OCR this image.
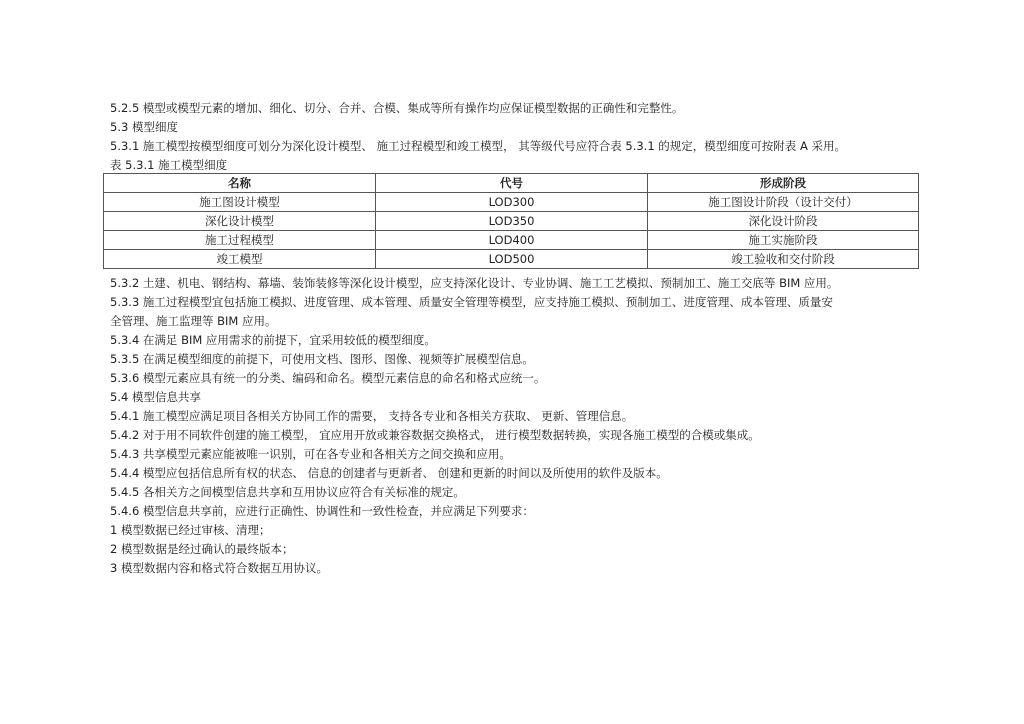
5.2.5 模型或模型元素的增加、细化、切分、合并、合模、集成等所有操作均应保证模型数据的正确性和完整性。
5.3 模型细度
5.3.1 施工模型按模型细度可划分为深化设计模型、 施工过程模型和竣工模型， 其等级代号应符合表 5.3.1 的规定，模型细度可按附表 A 采用。
表 5.3.1 施工模型细度
名称	代号	形成阶段
施工图设计模型	LOD300	施工图设计阶段（设计交付）
深化设计模型	LOD350	深化设计阶段
施工过程模型	LOD400	施工实施阶段
竣工模型	LOD500	竣工验收和交付阶段
5.3.2 土建、机电、钢结构、幕墙、装饰装修等深化设计模型，应支持深化设计、专业协调、施工工艺模拟、预制加工、施工交底等 BIM 应用。
5.3.3 施工过程模型宜包括施工模拟、进度管理、成本管理、质量安全管理等模型，应支持施工模拟、预制加工、进度管理、成本管理、质量安
全管理、施工监理等 BIM 应用。
5.3.4 在满足 BIM 应用需求的前提下，宜采用较低的模型细度。
5.3.5 在满足模型细度的前提下，可使用文档、图形、图像、视频等扩展模型信息。
5.3.6 模型元素应具有统一的分类、编码和命名。模型元素信息的命名和格式应统一。
5.4 模型信息共享
5.4.1 施工模型应满足项目各相关方协同工作的需要， 支持各专业和各相关方获取、 更新、管理信息。
5.4.2 对于用不同软件创建的施工模型， 宜应用开放或兼容数据交换格式， 进行模型数据转换，实现各施工模型的合模或集成。
5.4.3 共享模型元素应能被唯一识别，可在各专业和各相关方之间交换和应用。
5.4.4 模型应包括信息所有权的状态、 信息的创建者与更新者、 创建和更新的时间以及所使用的软件及版本。
5.4.5 各相关方之间模型信息共享和互用协议应符合有关标准的规定。
5.4.6 模型信息共享前，应进行正确性、协调性和一致性检查，并应满足下列要求：
1 模型数据已经过审核、清理；
2 模型数据是经过确认的最终版本；
3 模型数据内容和格式符合数据互用协议。
